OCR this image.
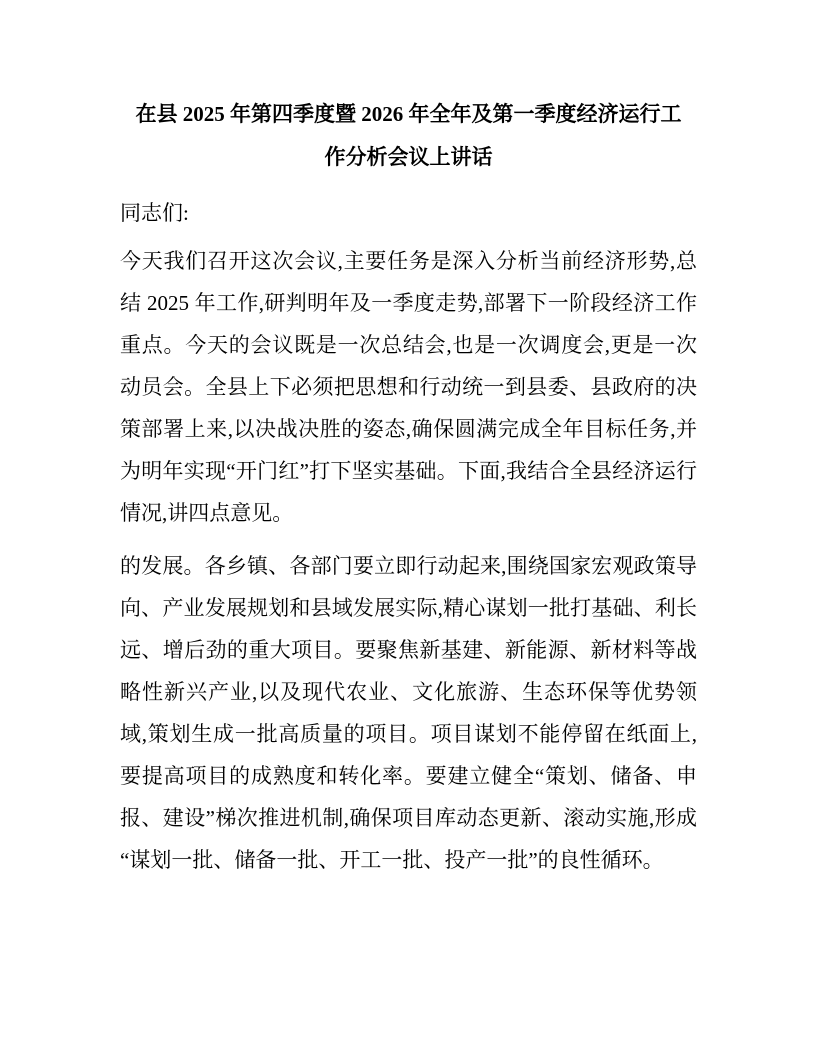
在县 2025 年第四季度暨 2026 年全年及第一季度经济运行工
作分析会议上讲话

同志们:

今天我们召开这次会议,主要任务是深入分析当前经济形势,总结 2025 年工作,研判明年及一季度走势,部署下一阶段经济工作重点。今天的会议既是一次总结会,也是一次调度会,更是一次动员会。全县上下必须把思想和行动统一到县委、县政府的决策部署上来,以决战决胜的姿态,确保圆满完成全年目标任务,并为明年实现“开门红”打下坚实基础。下面,我结合全县经济运行情况,讲四点意见。

的发展。各乡镇、各部门要立即行动起来,围绕国家宏观政策导向、产业发展规划和县域发展实际,精心谋划一批打基础、利长远、增后劲的重大项目。要聚焦新基建、新能源、新材料等战略性新兴产业,以及现代农业、文化旅游、生态环保等优势领域,策划生成一批高质量的项目。项目谋划不能停留在纸面上,要提高项目的成熟度和转化率。要建立健全“策划、储备、申报、建设”梯次推进机制,确保项目库动态更新、滚动实施,形成“谋划一批、储备一批、开工一批、投产一批”的良性循环。
